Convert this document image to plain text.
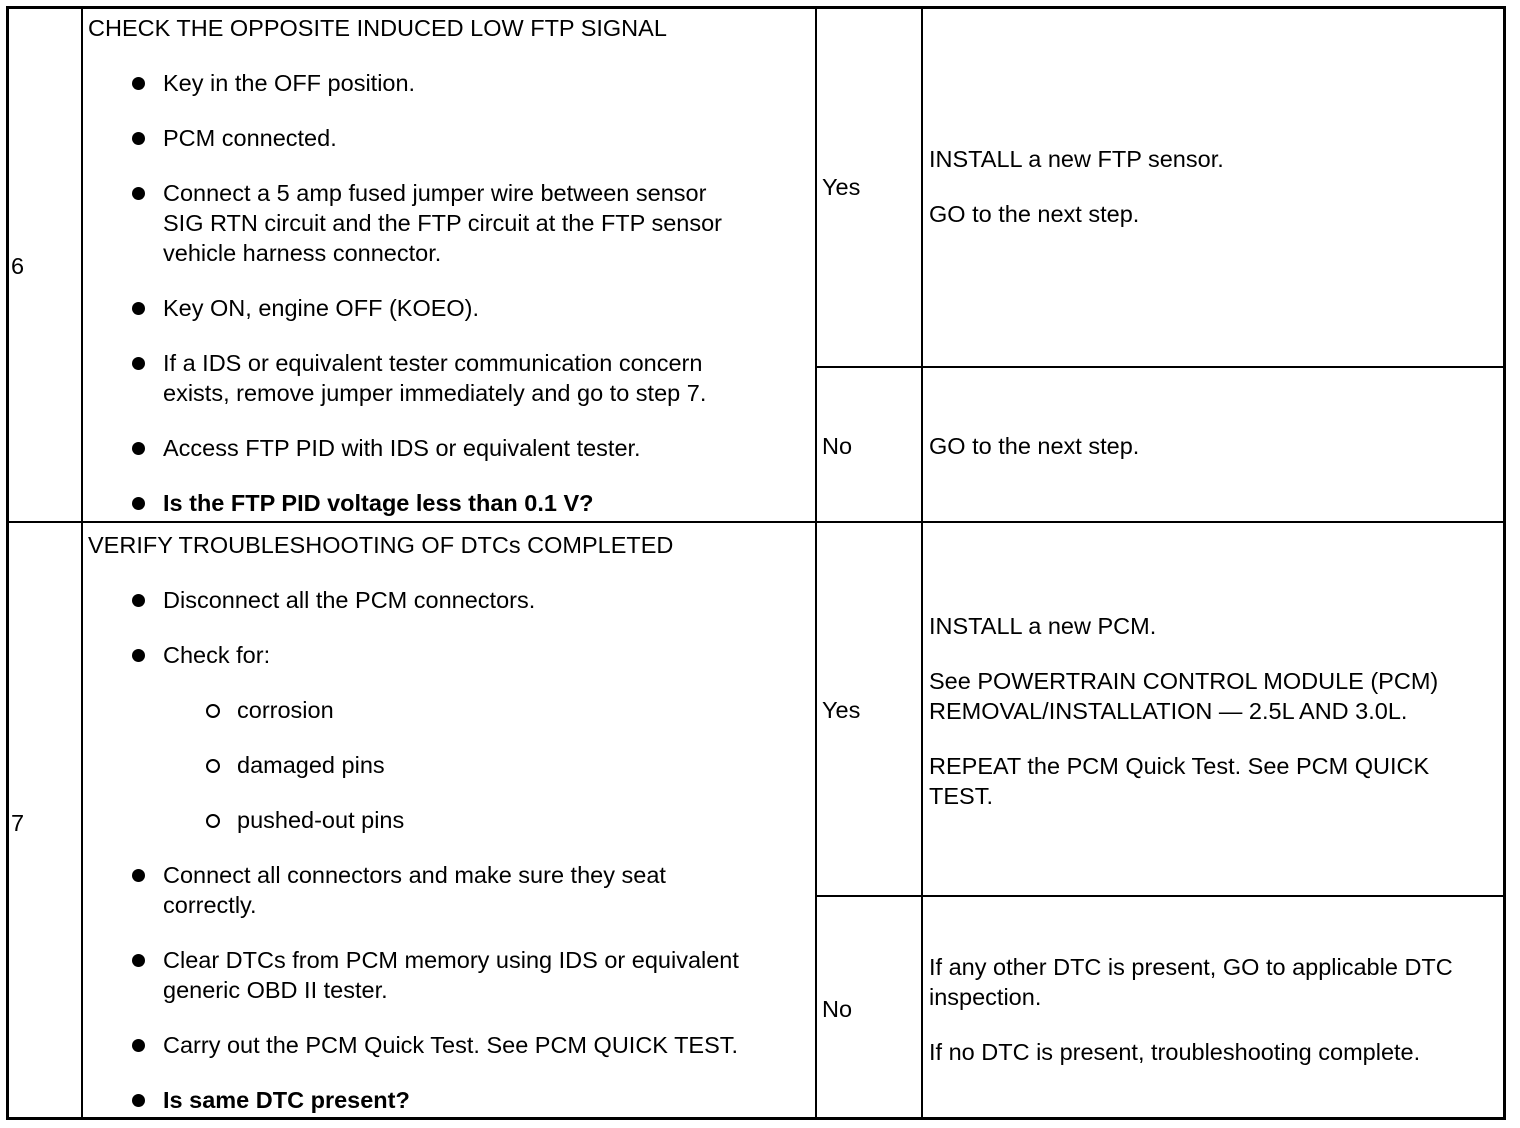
6
CHECK THE OPPOSITE INDUCED LOW FTP SIGNAL
Key in the OFF position.
PCM connected.
Connect a 5 amp fused jumper wire between sensor
SIG RTN circuit and the FTP circuit at the FTP sensor
vehicle harness connector.
Key ON, engine OFF (KOEO).
If a IDS or equivalent tester communication concern
exists, remove jumper immediately and go to step 7.
Access FTP PID with IDS or equivalent tester.
Is the FTP PID voltage less than 0.1 V?
Yes
INSTALL a new FTP sensor.
GO to the next step.
No	GO to the next step.
7
VERIFY TROUBLESHOOTING OF DTCs COMPLETED
Disconnect all the PCM connectors.
Check for:
corrosion
damaged pins
pushed-out pins
Connect all connectors and make sure they seat
correctly.
Clear DTCs from PCM memory using IDS or equivalent
generic OBD II tester.
Carry out the PCM Quick Test. See PCM QUICK TEST.
Is same DTC present?
Yes
INSTALL a new PCM.
See POWERTRAIN CONTROL MODULE (PCM)
REMOVAL/INSTALLATION — 2.5L AND 3.0L.
REPEAT the PCM Quick Test. See PCM QUICK
TEST.
No
If any other DTC is present, GO to applicable DTC
inspection.
If no DTC is present, troubleshooting complete.
